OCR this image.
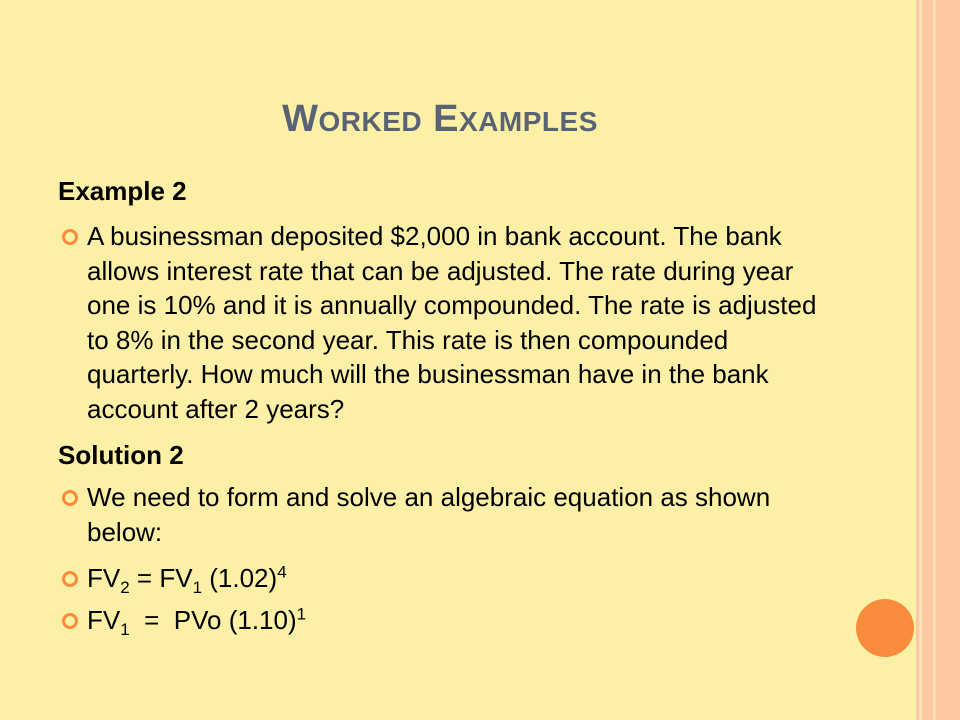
WORKED EXAMPLES

Example 2

A businessman deposited $2,000 in bank account. The bank allows interest rate that can be adjusted. The rate during year one is 10% and it is annually compounded. The rate is adjusted to 8% in the second year. This rate is then compounded quarterly. How much will the businessman have in the bank account after 2 years?

Solution 2

We need to form and solve an algebraic equation as shown below:
$FV_2 = FV_1$ $(1.02)^4$
$FV_1$  =  PVo $(1.10)^1$
